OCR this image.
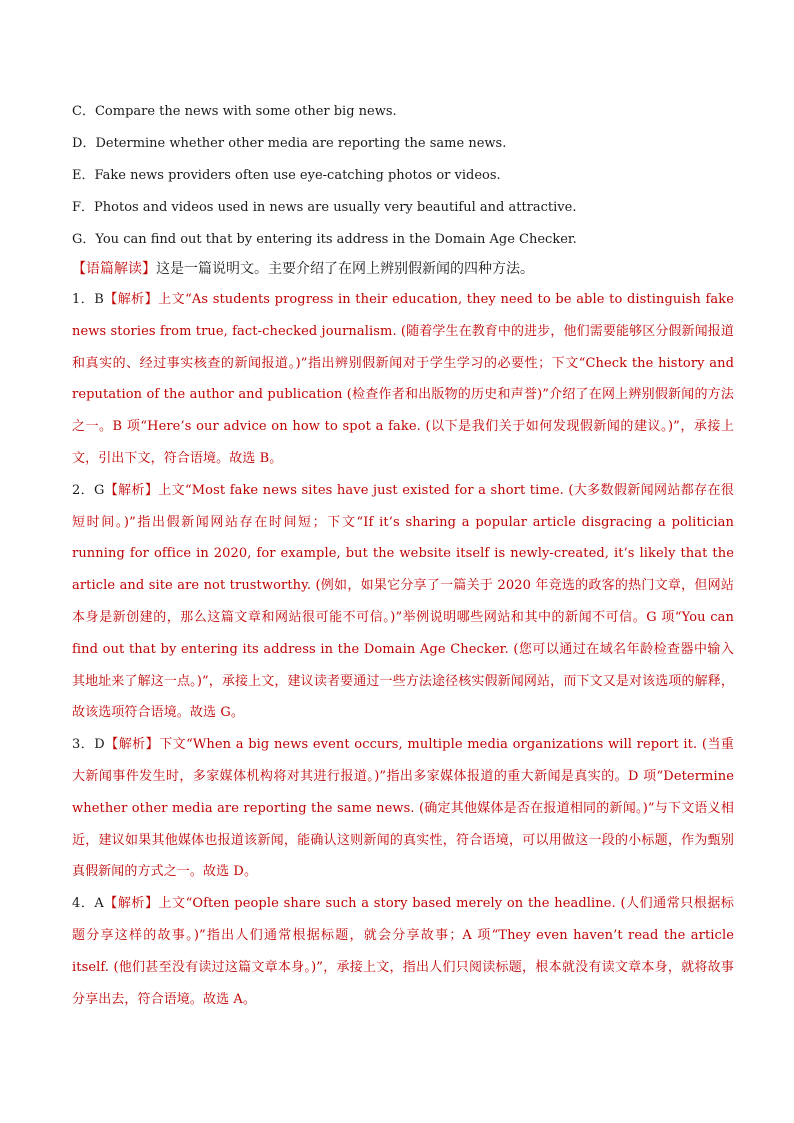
C．Compare the news with some other big news.
D．Determine whether other media are reporting the same news.
E．Fake news providers often use eye-catching photos or videos.
F．Photos and videos used in news are usually very beautiful and attractive.
G．You can find out that by entering its address in the Domain Age Checker.
【语篇解读】这是一篇说明文。主要介绍了在网上辨别假新闻的四种方法。
1．B【解析】上文“As students progress in their education, they need to be able to distinguish fake news stories from true, fact-checked journalism. (随着学生在教育中的进步，他们需要能够区分假新闻报道和真实的、经过事实核查的新闻报道。)”指出辨别假新闻对于学生学习的必要性；下文“Check the history and reputation of the author and publication (检查作者和出版物的历史和声誉)”介绍了在网上辨别假新闻的方法之一。B 项“Here’s our advice on how to spot a fake. (以下是我们关于如何发现假新闻的建议。)”，承接上文，引出下文，符合语境。故选 B。
2．G【解析】上文“Most fake news sites have just existed for a short time. (大多数假新闻网站都存在很短时间。)”指出假新闻网站存在时间短；下文“If it’s sharing a popular article disgracing a politician running for office in 2020, for example, but the website itself is newly-created, it’s likely that the article and site are not trustworthy. (例如，如果它分享了一篇关于 2020 年竞选的政客的热门文章，但网站本身是新创建的，那么这篇文章和网站很可能不可信。)”举例说明哪些网站和其中的新闻不可信。G 项“You can find out that by entering its address in the Domain Age Checker. (您可以通过在域名年龄检查器中输入其地址来了解这一点。)”，承接上文，建议读者要通过一些方法途径核实假新闻网站，而下文又是对该选项的解释，故该选项符合语境。故选 G。
3．D【解析】下文“When a big news event occurs, multiple media organizations will report it. (当重大新闻事件发生时，多家媒体机构将对其进行报道。)”指出多家媒体报道的重大新闻是真实的。D 项“Determine whether other media are reporting the same news. (确定其他媒体是否在报道相同的新闻。)”与下文语义相近，建议如果其他媒体也报道该新闻，能确认这则新闻的真实性，符合语境，可以用做这一段的小标题，作为甄别真假新闻的方式之一。故选 D。
4．A【解析】上文“Often people share such a story based merely on the headline. (人们通常只根据标题分享这样的故事。)”指出人们通常根据标题，就会分享故事；A 项“They even haven’t read the article itself. (他们甚至没有读过这篇文章本身。)”，承接上文，指出人们只阅读标题，根本就没有读文章本身，就将故事分享出去，符合语境。故选 A。
